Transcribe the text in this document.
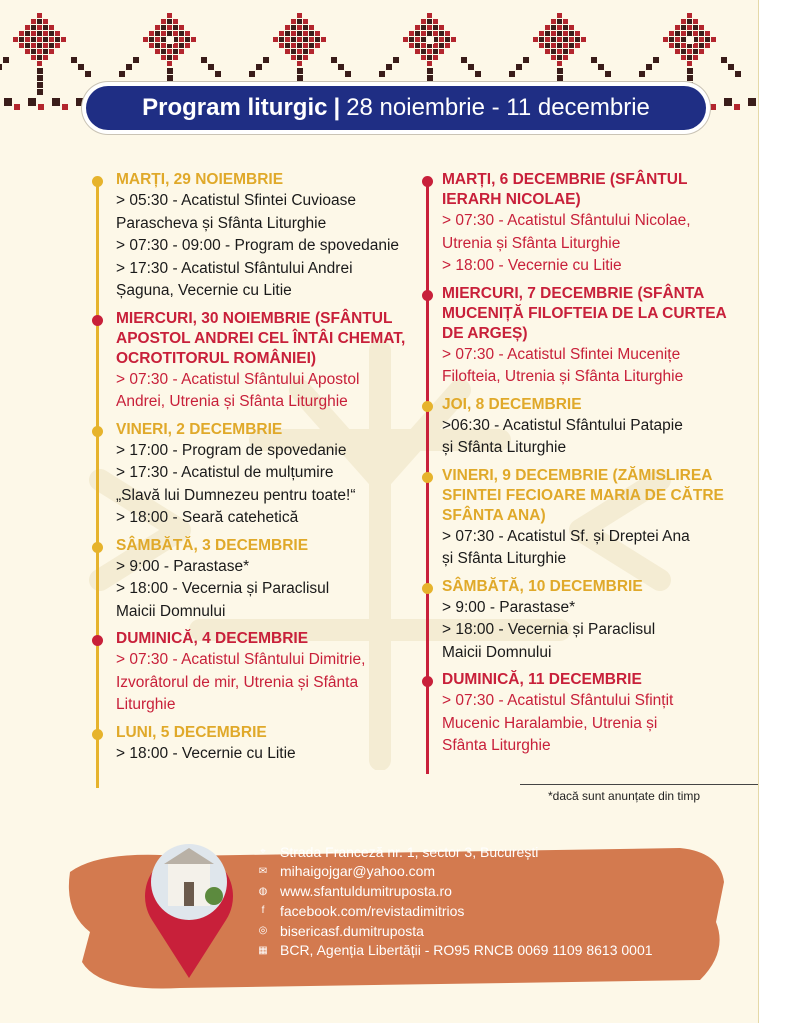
Program liturgic | 28 noiembrie - 11 decembrie
MARȚI, 29 NOIEMBRIE
> 05:30 - Acatistul Sfintei Cuvioase
Parascheva și Sfânta Liturghie
> 07:30 - 09:00 - Program de spovedanie
> 17:30 - Acatistul Sfântului Andrei
Șaguna, Vecernie cu Litie
MIERCURI, 30 NOIEMBRIE (SFÂNTUL APOSTOL ANDREI CEL ÎNTÂI CHEMAT, OCROTITORUL ROMÂNIEI)
> 07:30 - Acatistul Sfântului Apostol
Andrei, Utrenia și Sfânta Liturghie
VINERI, 2 DECEMBRIE
> 17:00 - Program de spovedanie
> 17:30 - Acatistul de mulțumire
„Slavă lui Dumnezeu pentru toate!“
> 18:00 - Seară catehetică
SÂMBĂTĂ, 3 DECEMBRIE
> 9:00 - Parastase*
> 18:00 - Vecernia și Paraclisul
Maicii Domnului
DUMINICĂ, 4 DECEMBRIE
> 07:30 - Acatistul Sfântului Dimitrie,
Izvorâtorul de mir, Utrenia și Sfânta
Liturghie
LUNI, 5 DECEMBRIE
> 18:00 - Vecernie cu Litie
MARȚI, 6 DECEMBRIE (SFÂNTUL IERARH NICOLAE)
> 07:30 - Acatistul Sfântului Nicolae,
Utrenia și Sfânta Liturghie
> 18:00 - Vecernie cu Litie
MIERCURI, 7 DECEMBRIE (SFÂNTA MUCENIȚĂ FILOFTEIA DE LA CURTEA DE ARGEȘ)
> 07:30 - Acatistul Sfintei Mucenițe
Filofteia, Utrenia și Sfânta Liturghie
JOI, 8 DECEMBRIE
>06:30 - Acatistul Sfântului Patapie
și Sfânta Liturghie
VINERI, 9 DECEMBRIE (ZĂMISLIREA SFINTEI FECIOARE MARIA DE CĂTRE SFÂNTA ANA)
> 07:30 - Acatistul Sf. și Dreptei Ana
și Sfânta Liturghie
SÂMBĂTĂ, 10 DECEMBRIE
> 9:00 - Parastase*
> 18:00 - Vecernia și Paraclisul
Maicii Domnului
DUMINICĂ, 11 DECEMBRIE
> 07:30 - Acatistul Sfântului Sfințit
Mucenic Haralambie, Utrenia și
Sfânta Liturghie
*dacă sunt anunțate din timp
⌖ Strada Franceză nr. 1, sector 3, București
✉ mihaigojgar@yahoo.com
◍ www.sfantuldumitruposta.ro
f	facebook.com/revistadimitrios
◎ bisericasf.dumitruposta
▦ BCR, Agenția Libertății - RO95 RNCB 0069 1109 8613 0001
